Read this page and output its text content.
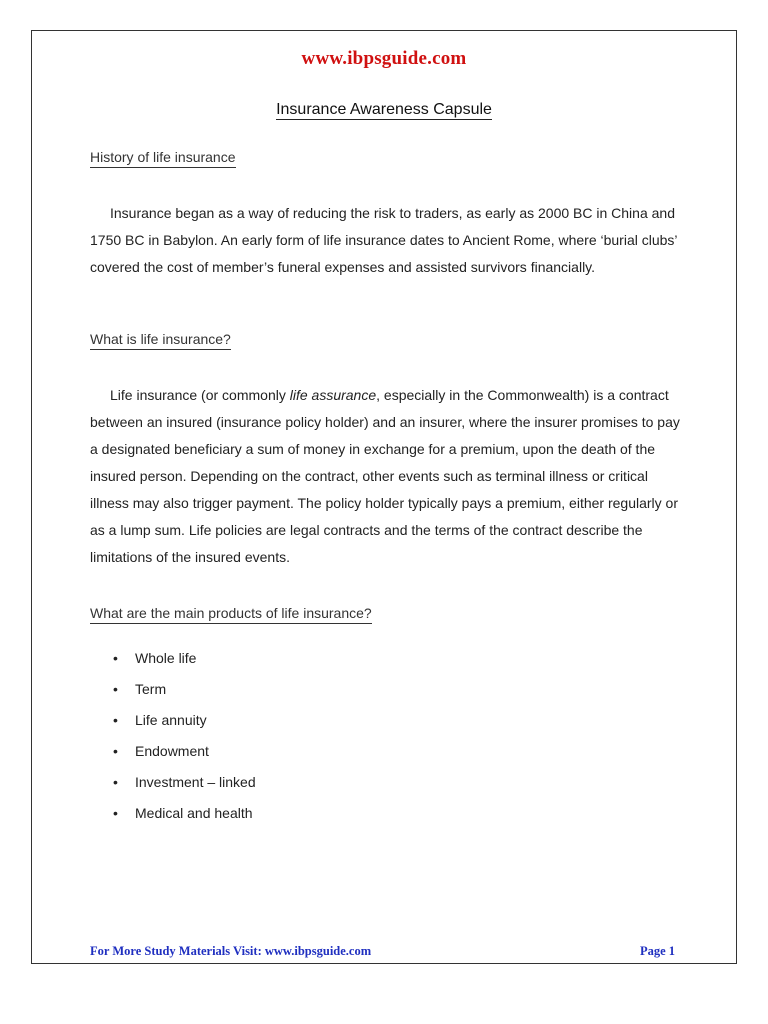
www.ibpsguide.com
Insurance Awareness Capsule
History of life insurance

Insurance began as a way of reducing the risk to traders, as early as 2000 BC in China and 1750 BC in Babylon. An early form of life insurance dates to Ancient Rome, where ‘burial clubs’ covered the cost of member’s funeral expenses and assisted survivors financially.

What is life insurance?

Life insurance (or commonly life assurance, especially in the Commonwealth) is a contract between an insured (insurance policy holder) and an insurer, where the insurer promises to pay a designated beneficiary a sum of money in exchange for a premium, upon the death of the insured person. Depending on the contract, other events such as terminal illness or critical illness may also trigger payment. The policy holder typically pays a premium, either regularly or as a lump sum. Life policies are legal contracts and the terms of the contract describe the limitations of the insured events.

What are the main products of life insurance?
• Whole life
• Term
• Life annuity
• Endowment
• Investment – linked
• Medical and health
For More Study Materials Visit: www.ibpsguide.com	Page 1
